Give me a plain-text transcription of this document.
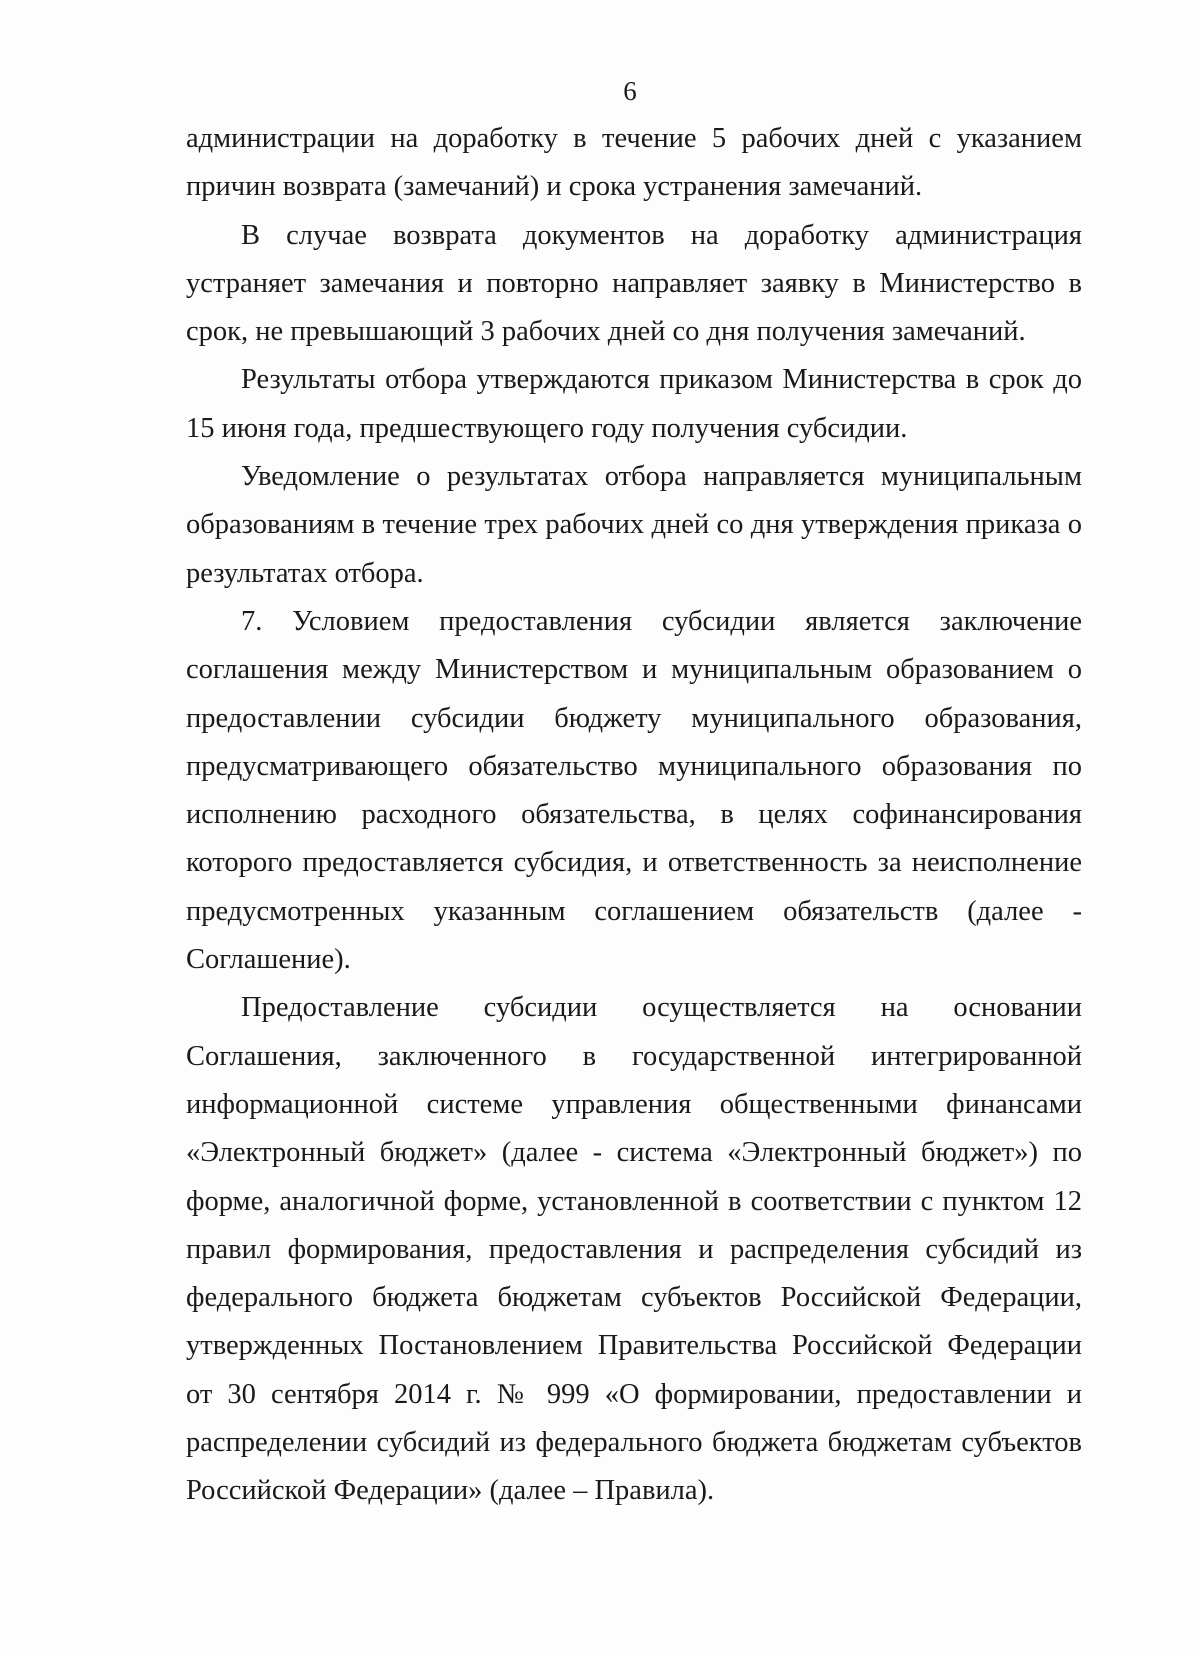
6

администрации на доработку в течение 5 рабочих дней с указанием причин возврата (замечаний) и срока устранения замечаний.

В случае возврата документов на доработку администрация устраняет замечания и повторно направляет заявку в Министерство в срок, не превышающий 3 рабочих дней со дня получения замечаний.

Результаты отбора утверждаются приказом Министерства в срок до 15 июня года, предшествующего году получения субсидии.

Уведомление о результатах отбора направляется муниципальным образованиям в течение трех рабочих дней со дня утверждения приказа о результатах отбора.

7. Условием предоставления субсидии является заключение соглашения между Министерством и муниципальным образованием о предоставлении субсидии бюджету муниципального образования, предусматривающего обязательство муниципального образования по исполнению расходного обязательства, в целях софинансирования которого предоставляется субсидия, и ответственность за неисполнение предусмотренных указанным соглашением обязательств (далее - Соглашение).

Предоставление субсидии осуществляется на основании Соглашения, заключенного в государственной интегрированной информационной системе управления общественными финансами «Электронный бюджет» (далее - система «Электронный бюджет») по форме, аналогичной форме, установленной в соответствии с пунктом 12 правил формирования, предоставления и распределения субсидий из федерального бюджета бюджетам субъектов Российской Федерации, утвержденных Постановлением Правительства Российской Федерации от 30 сентября 2014 г. № 999 «О формировании, предоставлении и распределении субсидий из федерального бюджета бюджетам субъектов Российской Федерации» (далее – Правила).
